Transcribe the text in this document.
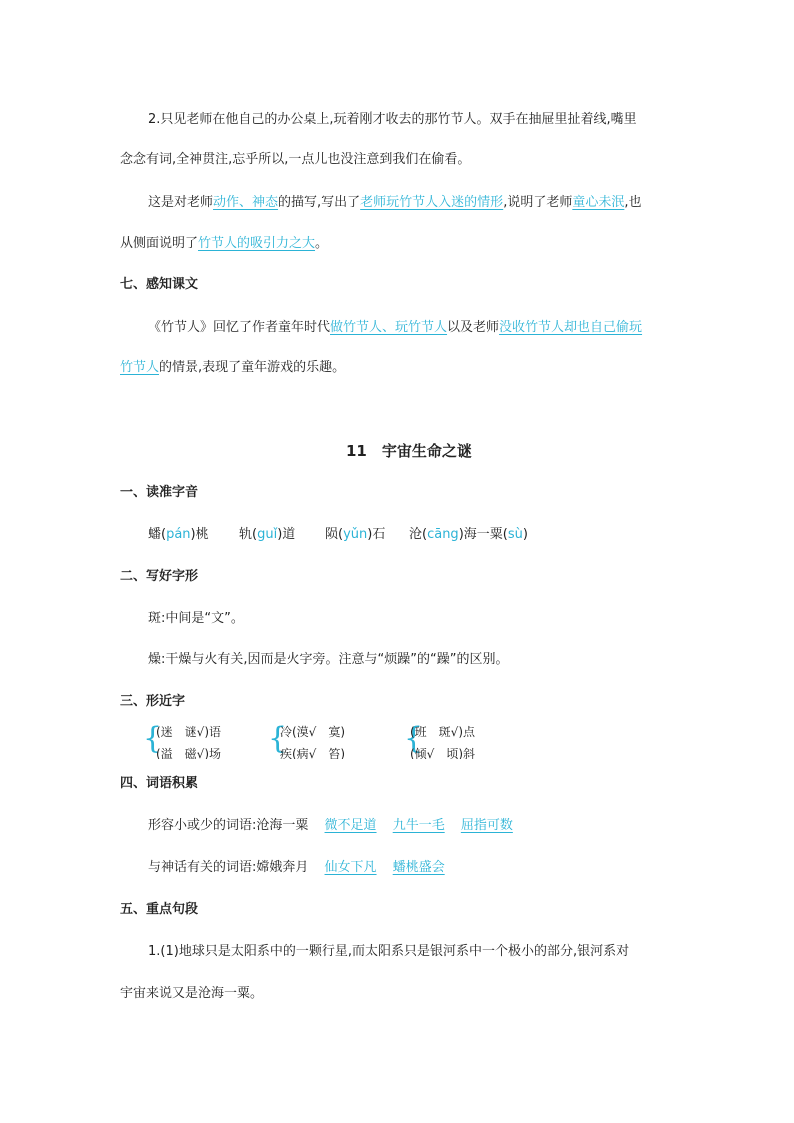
2.只见老师在他自己的办公桌上,玩着刚才收去的那竹节人。双手在抽屉里扯着线,嘴里
念念有词,全神贯注,忘乎所以,一点儿也没注意到我们在偷看。
这是对老师动作、神态的描写,写出了老师玩竹节人入迷的情形,说明了老师童心未泯,也
从侧面说明了竹节人的吸引力之大。
七、感知课文
《竹节人》回忆了作者童年时代做竹节人、玩竹节人以及老师没收竹节人却也自己偷玩
竹节人的情景,表现了童年游戏的乐趣。
11　宇宙生命之谜
一、读准字音
蟠(pán)桃 轨(guǐ)道 陨(yǔn)石 沧(cāng)海一粟(sù)
二、写好字形
斑:中间是“文”。
燥:干燥与火有关,因而是火字旁。注意与“烦躁”的“躁”的区别。
三、形近字
{
(迷　谜√)语
(溢　磁√)场 {
冷(漠√　寞)
疾(病√　笞) {
(班　斑√)点
(倾√　顷)斜
四、词语积累
形容小或少的词语:沧海一粟 微不足道 九牛一毛 屈指可数
与神话有关的词语:嫦娥奔月 仙女下凡 蟠桃盛会
五、重点句段
1.(1)地球只是太阳系中的一颗行星,而太阳系只是银河系中一个极小的部分,银河系对
宇宙来说又是沧海一粟。
